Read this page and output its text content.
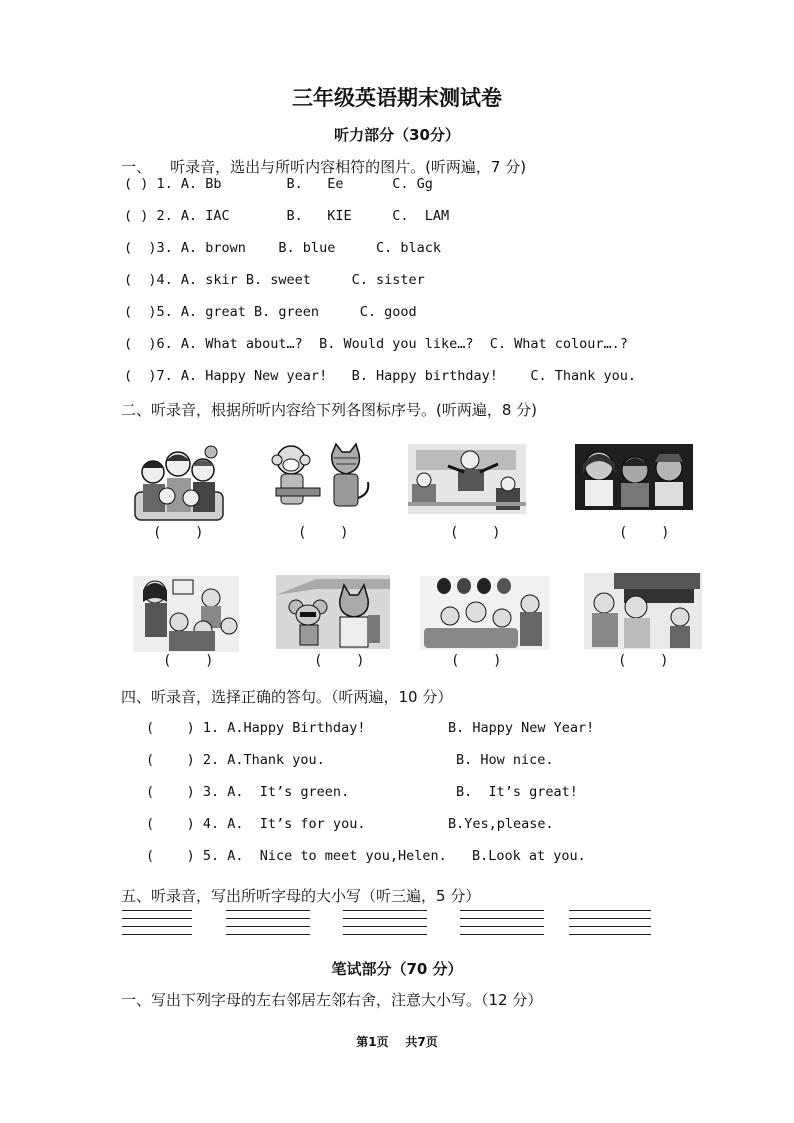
三年级英语期末测试卷
听力部分（30分）
一、    听录音，选出与所听内容相符的图片。(听两遍，7 分)
( ) 1. A. Bb        B.   Ee      C. Gg
( ) 2. A. IAC       B.   KIE     C.  LAM
(  )3. A. brown    B. blue     C. black
(  )4. A. skir B. sweet     C. sister
(  )5. A. great B. green     C. good
(  )6. A. What about…?  B. Would you like…?  C. What colour….?
(  )7. A. Happy New year!   B. Happy birthday!    C. Thank you.
二、听录音，根据所听内容给下列各图标序号。(听两遍，8 分)
(    )	(    )	(    )	(    )
(    )	(    )	(    )	(    )
四、听录音，选择正确的答句。（听两遍，10 分）
(    ) 1. A.Happy Birthday!	B. Happy New Year!
(    ) 2. A.Thank you.	B. How nice.
(    ) 3. A.  It’s green.	B.  It’s great!
(    ) 4. A.  It’s for you.	B.Yes,please.
(    ) 5. A.  Nice to meet you,Helen. B.Look at you.
五、听录音，写出所听字母的大小写（听三遍，5 分）
笔试部分（70 分）
一、写出下列字母的左右邻居左邻右舍，注意大小写。（12 分）
第1页    共7页
